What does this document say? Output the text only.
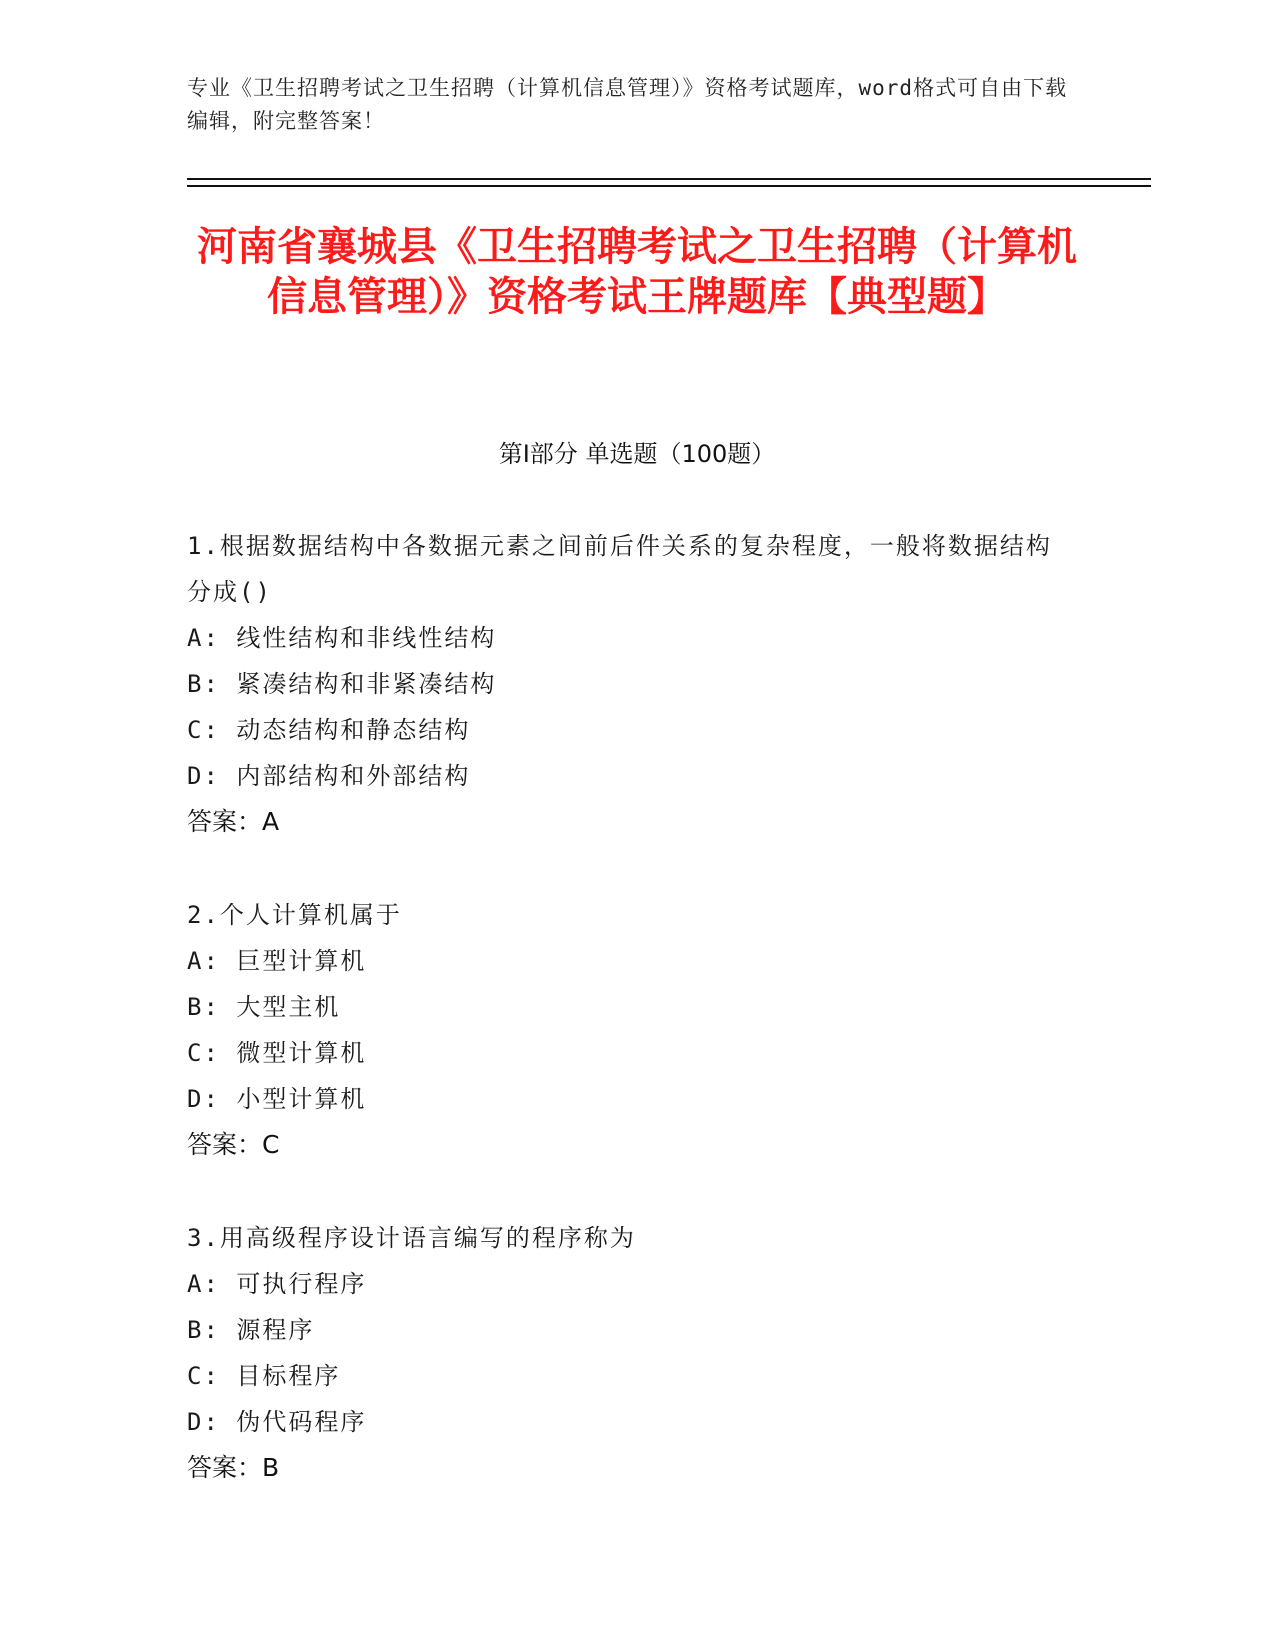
专业《卫生招聘考试之卫生招聘（计算机信息管理）》资格考试题库，word格式可自由下载编辑，附完整答案！
河南省襄城县《卫生招聘考试之卫生招聘（计算机信息管理）》资格考试王牌题库【典型题】
第Ⅰ部分 单选题（100题）
1.根据数据结构中各数据元素之间前后件关系的复杂程度，一般将数据结构分成()
A: 线性结构和非线性结构
B: 紧凑结构和非紧凑结构
C: 动态结构和静态结构
D: 内部结构和外部结构
答案：A
2.个人计算机属于
A: 巨型计算机
B: 大型主机
C: 微型计算机
D: 小型计算机
答案：C
3.用高级程序设计语言编写的程序称为
A: 可执行程序
B: 源程序
C: 目标程序
D: 伪代码程序
答案：B
